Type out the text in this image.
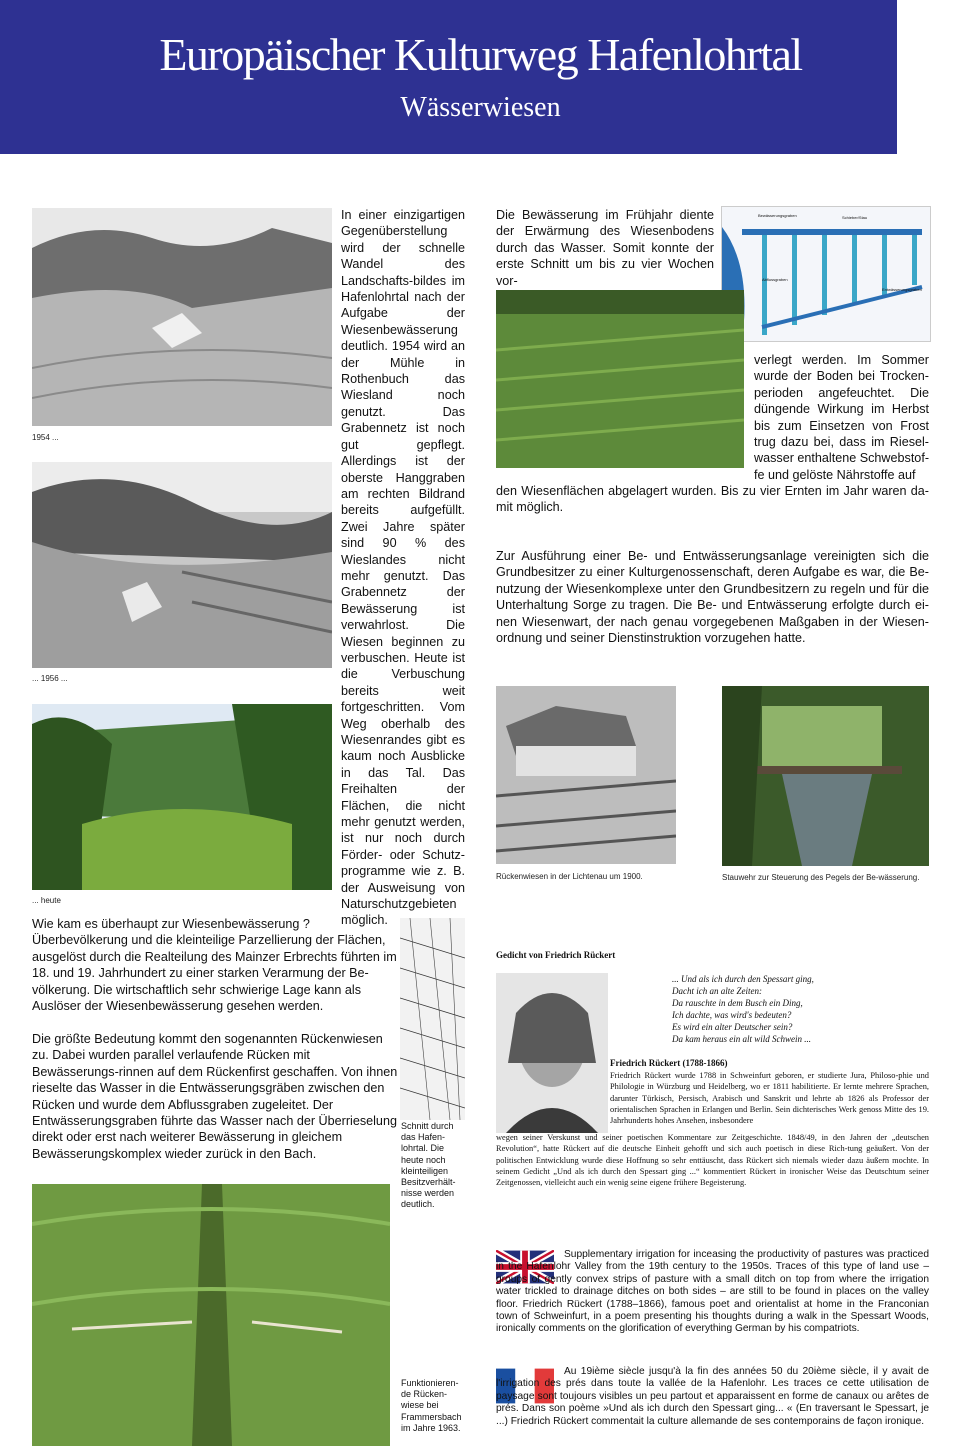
Europäischer Kulturweg Hafenlohrtal
Wässerwiesen
1954 ...
... 1956 ...
... heute
In einer einzigartigen Gegenüberstellung wird der schnelle Wandel des Landschafts-bildes im Hafenlohrtal nach der Aufgabe der Wiesenbewässerung deutlich. 1954 wird an der Mühle in Rothenbuch das Wiesland noch genutzt. Das Grabennetz ist noch gut gepflegt. Allerdings ist der oberste Hanggraben am rechten Bildrand bereits aufgefüllt. Zwei Jahre später sind 90 % des Wieslandes nicht mehr genutzt. Das Grabennetz der Bewässerung ist verwahrlost. Die Wiesen beginnen zu verbuschen. Heute ist die Verbuschung bereits weit fortgeschritten. Vom Weg oberhalb des Wiesenrandes gibt es kaum noch Ausblicke in das Tal. Das Freihalten der Flächen, die nicht mehr genutzt werden, ist nur noch durch Förder- oder Schutz-programme wie z. B. der Ausweisung von Naturschutzgebieten möglich.
Die Bewässerung im Frühjahr diente der Erwärmung des Wiesenbodens durch das Wasser. Somit konnte der erste Schnitt um bis zu vier Wochen vor-
Bewässerungsgraben	Schieber/Stau
Abflussgraben
Entwässerungsgraben
verlegt werden. Im Sommer wurde der Boden bei Trocken-perioden angefeuchtet. Die düngende Wirkung im Herbst bis zum Einsetzen von Frost trug dazu bei, dass im Riesel-wasser enthaltene Schwebstof-fe und gelöste Nährstoffe auf
den Wiesenflächen abgelagert wurden. Bis zu vier Ernten im Jahr waren da-mit möglich.
Zur Ausführung einer Be- und Entwässerungsanlage vereinigten sich die Grundbesitzer zu einer Kulturgenossenschaft, deren Aufgabe es war, die Be-nutzung der Wiesenkomplexe unter den Grundbesitzern zu regeln und für die Unterhaltung Sorge zu tragen. Die Be- und Entwässerung erfolgte durch ei-nen Wiesenwart, der nach genau vorgegebenen Maßgaben in der Wiesen-ordnung und seiner Dienstinstruktion vorzugehen hatte.
Rückenwiesen in der Lichtenau um 1900.	Stauwehr zur Steuerung des Pegels der Be-wässerung.
Wie kam es überhaupt zur Wiesenbewässerung ? Überbevölkerung und die kleinteilige Parzellierung der Flächen, ausgelöst durch die Realteilung des Mainzer Erbrechts führten im 18. und 19. Jahrhundert zu einer starken Verarmung der Be-völkerung. Die wirtschaftlich sehr schwierige Lage kann als Auslöser der Wiesenbewässerung gesehen werden.
Die größte Bedeutung kommt den sogenannten Rückenwiesen zu. Dabei wurden parallel verlaufende Rücken mit Bewässerungs-rinnen auf dem Rückenfirst geschaffen. Von ihnen rieselte das Wasser in die Entwässerungsgräben zwischen den Rücken und wurde dem Abflussgraben zugeleitet. Der Entwässerungsgraben führte das Wasser nach der Überrieselung direkt oder erst nach weiterer Bewässerung in gleichem Bewässerungskomplex wieder zurück in den Bach.
Schnitt durch das Hafen-lohrtal. Die heute noch kleinteiligen Besitzverhält-nisse werden deutlich.
Funktionieren-de Rücken-wiese bei Frammersbach im Jahre 1963.
Gedicht von Friedrich Rückert
... Und als ich durch den Spessart ging,
Dacht ich an alte Zeiten:
Da rauschte in dem Busch ein Ding,
Ich dachte, was wird's bedeuten?
Es wird ein alter Deutscher sein?
Da kam heraus ein alt wild Schwein ...
Friedrich Rückert (1788-1866)
Friedrich Rückert wurde 1788 in Schweinfurt geboren, er studierte Jura, Philoso-phie und Philologie in Würzburg und Heidelberg, wo er 1811 habilitierte. Er lernte mehrere Sprachen, darunter Türkisch, Persisch, Arabisch und Sanskrit und lehrte ab 1826 als Professor der orientalischen Sprachen in Erlangen und Berlin. Sein dichterisches Werk genoss Mitte des 19. Jahrhunderts hohes Ansehen, insbesondere
wegen seiner Verskunst und seiner poetischen Kommentare zur Zeitgeschichte. 1848/49, in den Jahren der „deutschen Revolution“, hatte Rückert auf die deutsche Einheit gehofft und sich auch poetisch in diese Rich-tung geäußert. Von der politischen Entwicklung wurde diese Hoffnung so sehr enttäuscht, dass Rückert sich niemals wieder dazu äußern mochte. In seinem Gedicht „Und als ich durch den Spessart ging ...“ kommentiert Rückert in ironischer Weise das Deutschtum seiner Zeitgenossen, vielleicht auch ein wenig seine eigene frühere Begeisterung.
Supplementary irrigation for inceasing the productivity of pastures was practiced in the Hafenlohr Valley from the 19th century to the 1950s. Traces of this type of land use – groups of gently convex strips of pasture with a small ditch on top from where the irrigation water trickled to drainage ditches on both sides – are still to be found in places on the valley floor. Friedrich Rückert (1788–1866), famous poet and orientalist at home in the Franconian town of Schweinfurt, in a poem presenting his thoughts during a walk in the Spessart Woods, ironically comments on the glorification of everything German by his compatriots.
Au 19ième siècle jusqu'à la fin des années 50 du 20ième siècle, il y avait de l'irrigation des prés dans toute la vallée de la Hafenlohr. Les traces ce cette utilisation de paysage sont toujours visibles un peu partout et apparaissent en forme de canaux ou arêtes de prés. Dans son poème »Und als ich durch den Spessart ging... « (En traversant le Spessart, je ...) Friedrich Rückert commentait la culture allemande de ses contemporains de façon ironique.
